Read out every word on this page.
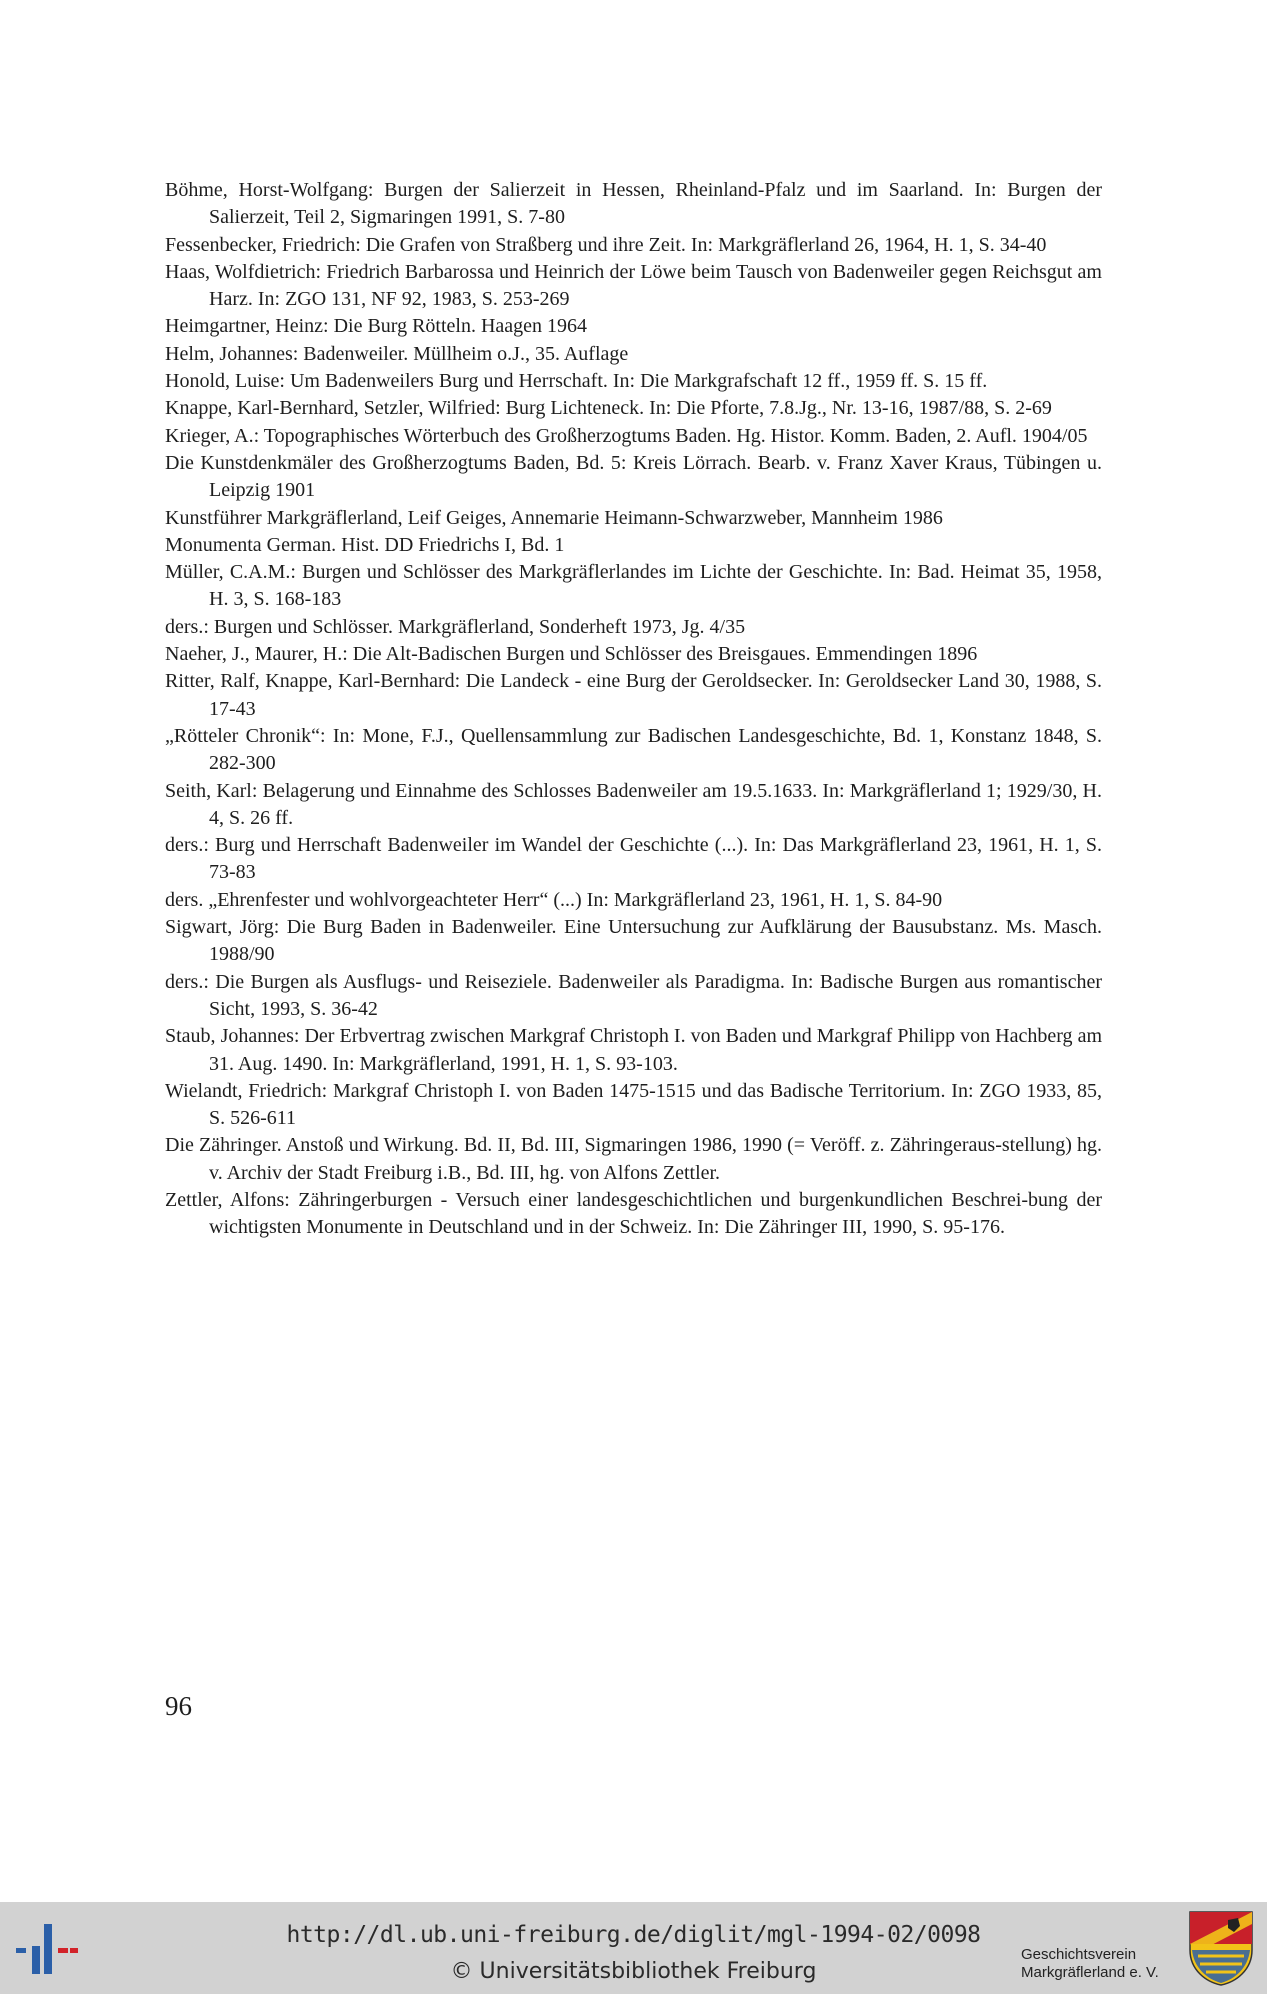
Böhme, Horst-Wolfgang: Burgen der Salierzeit in Hessen, Rheinland-Pfalz und im Saarland. In: Burgen der Salierzeit, Teil 2, Sigmaringen 1991, S. 7-80
Fessenbecker, Friedrich: Die Grafen von Straßberg und ihre Zeit. In: Markgräflerland 26, 1964, H. 1, S. 34-40
Haas, Wolfdietrich: Friedrich Barbarossa und Heinrich der Löwe beim Tausch von Badenweiler gegen Reichsgut am Harz. In: ZGO 131, NF 92, 1983, S. 253-269
Heimgartner, Heinz: Die Burg Rötteln. Haagen 1964
Helm, Johannes: Badenweiler. Müllheim o.J., 35. Auflage
Honold, Luise: Um Badenweilers Burg und Herrschaft. In: Die Markgrafschaft 12 ff., 1959 ff. S. 15 ff.
Knappe, Karl-Bernhard, Setzler, Wilfried: Burg Lichteneck. In: Die Pforte, 7.8.Jg., Nr. 13-16, 1987/88, S. 2-69
Krieger, A.: Topographisches Wörterbuch des Großherzogtums Baden. Hg. Histor. Komm. Baden, 2. Aufl. 1904/05
Die Kunstdenkmäler des Großherzogtums Baden, Bd. 5: Kreis Lörrach. Bearb. v. Franz Xaver Kraus, Tübingen u. Leipzig 1901
Kunstführer Markgräflerland, Leif Geiges, Annemarie Heimann-Schwarzweber, Mannheim 1986
Monumenta German. Hist. DD Friedrichs I, Bd. 1
Müller, C.A.M.: Burgen und Schlösser des Markgräflerlandes im Lichte der Geschichte. In: Bad. Heimat 35, 1958, H. 3, S. 168-183
ders.: Burgen und Schlösser. Markgräflerland, Sonderheft 1973, Jg. 4/35
Naeher, J., Maurer, H.: Die Alt-Badischen Burgen und Schlösser des Breisgaues. Emmendingen 1896
Ritter, Ralf, Knappe, Karl-Bernhard: Die Landeck - eine Burg der Geroldsecker. In: Geroldsecker Land 30, 1988, S. 17-43
„Rötteler Chronik“: In: Mone, F.J., Quellensammlung zur Badischen Landesgeschichte, Bd. 1, Konstanz 1848, S. 282-300
Seith, Karl: Belagerung und Einnahme des Schlosses Badenweiler am 19.5.1633. In: Markgräflerland 1; 1929/30, H. 4, S. 26 ff.
ders.: Burg und Herrschaft Badenweiler im Wandel der Geschichte (...). In: Das Markgräflerland 23, 1961, H. 1, S. 73-83
ders. „Ehrenfester und wohlvorgeachteter Herr“ (...) In: Markgräflerland 23, 1961, H. 1, S. 84-90
Sigwart, Jörg: Die Burg Baden in Badenweiler. Eine Untersuchung zur Aufklärung der Bausubstanz. Ms. Masch. 1988/90
ders.: Die Burgen als Ausflugs- und Reiseziele. Badenweiler als Paradigma. In: Badische Burgen aus romantischer Sicht, 1993, S. 36-42
Staub, Johannes: Der Erbvertrag zwischen Markgraf Christoph I. von Baden und Markgraf Philipp von Hachberg am 31. Aug. 1490. In: Markgräflerland, 1991, H. 1, S. 93-103.
Wielandt, Friedrich: Markgraf Christoph I. von Baden 1475-1515 und das Badische Territorium. In: ZGO 1933, 85, S. 526-611
Die Zähringer. Anstoß und Wirkung. Bd. II, Bd. III, Sigmaringen 1986, 1990 (= Veröff. z. Zähringeraus-stellung) hg. v. Archiv der Stadt Freiburg i.B., Bd. III, hg. von Alfons Zettler.
Zettler, Alfons: Zähringerburgen - Versuch einer landesgeschichtlichen und burgenkundlichen Beschrei-bung der wichtigsten Monumente in Deutschland und in der Schweiz. In: Die Zähringer III, 1990, S. 95-176.
96
http://dl.ub.uni-freiburg.de/diglit/mgl-1994-02/0098
© Universitätsbibliothek Freiburg
Geschichtsverein
Markgräflerland e. V.
